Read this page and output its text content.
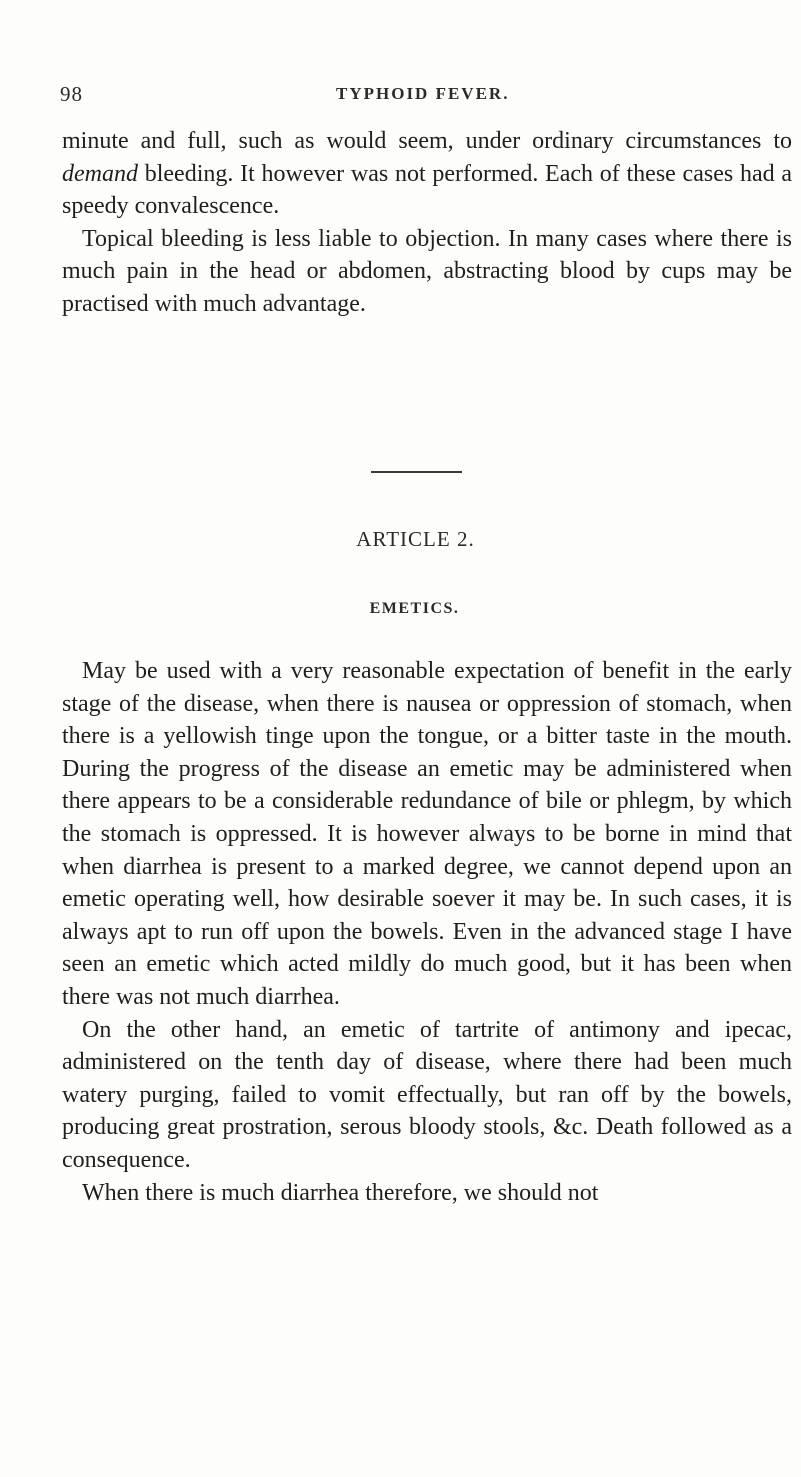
98	TYPHOID FEVER.

minute and full, such as would seem, under ordinary circumstances to demand bleeding. It however was not performed. Each of these cases had a speedy convalescence.

Topical bleeding is less liable to objection. In many cases where there is much pain in the head or abdomen, abstracting blood by cups may be practised with much advantage.

ARTICLE 2.
EMETICS.

May be used with a very reasonable expectation of benefit in the early stage of the disease, when there is nausea or oppression of stomach, when there is a yellowish tinge upon the tongue, or a bitter taste in the mouth. During the progress of the disease an emetic may be administered when there appears to be a considerable redundance of bile or phlegm, by which the stomach is oppressed. It is however always to be borne in mind that when diarrhea is present to a marked degree, we cannot depend upon an emetic operating well, how desirable soever it may be. In such cases, it is always apt to run off upon the bowels. Even in the advanced stage I have seen an emetic which acted mildly do much good, but it has been when there was not much diarrhea.

On the other hand, an emetic of tartrite of antimony and ipecac, administered on the tenth day of disease, where there had been much watery purging, failed to vomit effectually, but ran off by the bowels, producing great prostration, serous bloody stools, &c. Death followed as a consequence.

When there is much diarrhea therefore, we should not
